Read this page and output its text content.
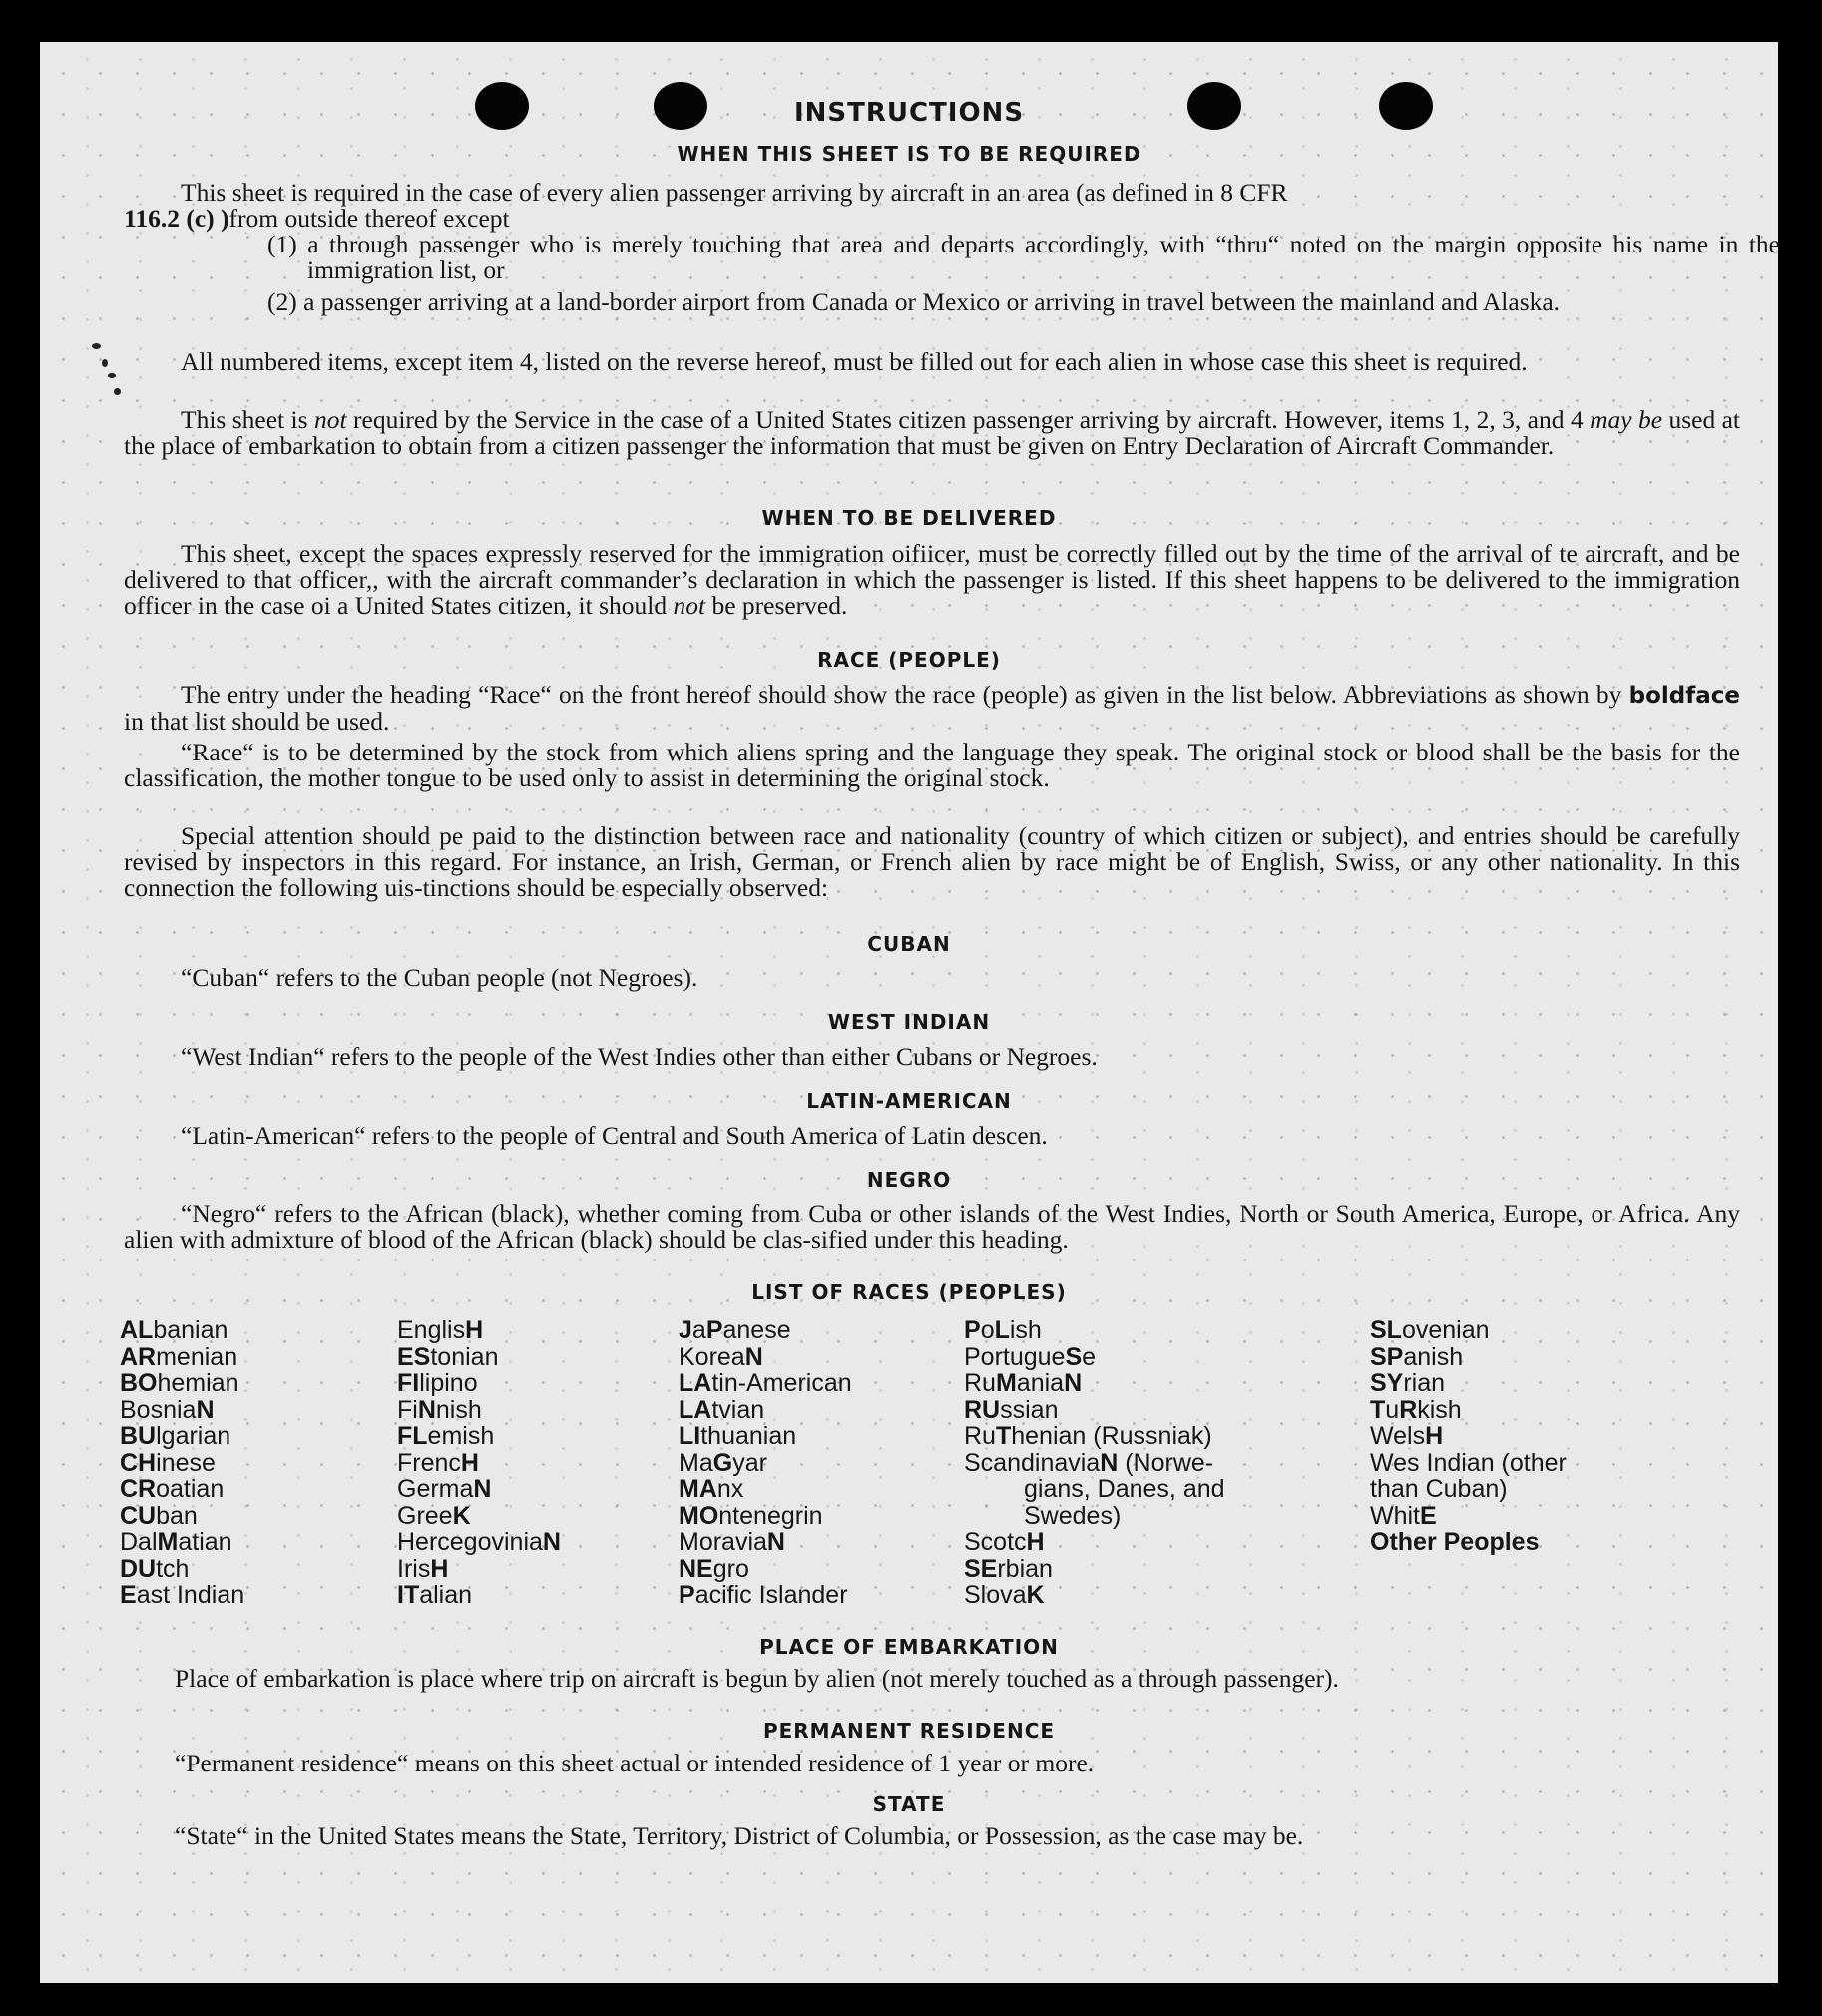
INSTRUCTIONS
WHEN THIS SHEET IS TO BE REQUIRED
This sheet is required in the case of every alien passenger arriving by aircraft in an area (as defined in 8 CFR
116.2 (c) )from outside thereof except
(1) a through passenger who is merely touching that area and departs accordingly, with “thru“ noted on the margin opposite his name in the immigration list, or
(2) a passenger arriving at a land-border airport from Canada or Mexico or arriving in travel between the mainland and Alaska.
All numbered items, except item 4, listed on the reverse hereof, must be filled out for each alien in whose case this sheet is required.
This sheet is not required by the Service in the case of a United States citizen passenger arriving by aircraft. However, items 1, 2, 3, and 4 may be used at the place of embarkation to obtain from a citizen passenger the information that must be given on Entry Declaration of Aircraft Commander.
WHEN TO BE DELIVERED
This sheet, except the spaces expressly reserved for the immigration oifiicer, must be correctly filled out by the time of the arrival of te aircraft, and be delivered to that officer,, with the aircraft commander’s declaration in which the passenger is listed. If this sheet happens to be delivered to the immigration officer in the case oi a United States citizen, it should not be preserved.
RACE (PEOPLE)
The entry under the heading “Race“ on the front hereof should show the race (people) as given in the list below. Abbreviations as shown by boldface in that list should be used.
“Race“ is to be determined by the stock from which aliens spring and the language they speak. The original stock or blood shall be the basis for the classification, the mother tongue to be used only to assist in determining the original stock.
Special attention should pe paid to the distinction between race and nationality (country of which citizen or subject), and entries should be carefully revised by inspectors in this regard. For instance, an Irish, German, or French alien by race might be of English, Swiss, or any other nationality. In this connection the following uis-tinctions should be especially observed:
CUBAN
“Cuban“ refers to the Cuban people (not Negroes).
WEST INDIAN
“West Indian“ refers to the people of the West Indies other than either Cubans or Negroes.
LATIN-AMERICAN
“Latin-American“ refers to the people of Central and South America of Latin descen.
NEGRO
“Negro“ refers to the African (black), whether coming from Cuba or other islands of the West Indies, North or South America, Europe, or Africa. Any alien with admixture of blood of the African (black) should be clas-sified under this heading.
LIST OF RACES (PEOPLES)
ALbanian
ARmenian
BOhemian
BosniaN
BUlgarian
CHinese
CRoatian
CUban
DalMatian
DUtch
East Indian
EnglisH
EStonian
FIlipino
FiNnish
FLemish
FrencH
GermaN
GreeK
HercegoviniaN
IrisH
ITalian
JaPanese
KoreaN
LAtin-American
LAtvian
LIthuanian
MaGyar
MAnx
MOntenegrin
MoraviaN
NEgro
Pacific Islander
PoLish
PortugueSe
RuManiaN
RUssian
RuThenian (Russniak)
ScandinaviaN (Norwe-
gians, Danes, and
Swedes)
ScotcH
SErbian
SlovaK
SLovenian
SPanish
SYrian
TuRkish
WelsH
Wes Indian (other
than Cuban)
WhitE
Other Peoples
PLACE OF EMBARKATION
Place of embarkation is place where trip on aircraft is begun by alien (not merely touched as a through passenger).
PERMANENT RESIDENCE
“Permanent residence“ means on this sheet actual or intended residence of 1 year or more.
STATE
“State“ in the United States means the State, Territory, District of Columbia, or Possession, as the case may be.
